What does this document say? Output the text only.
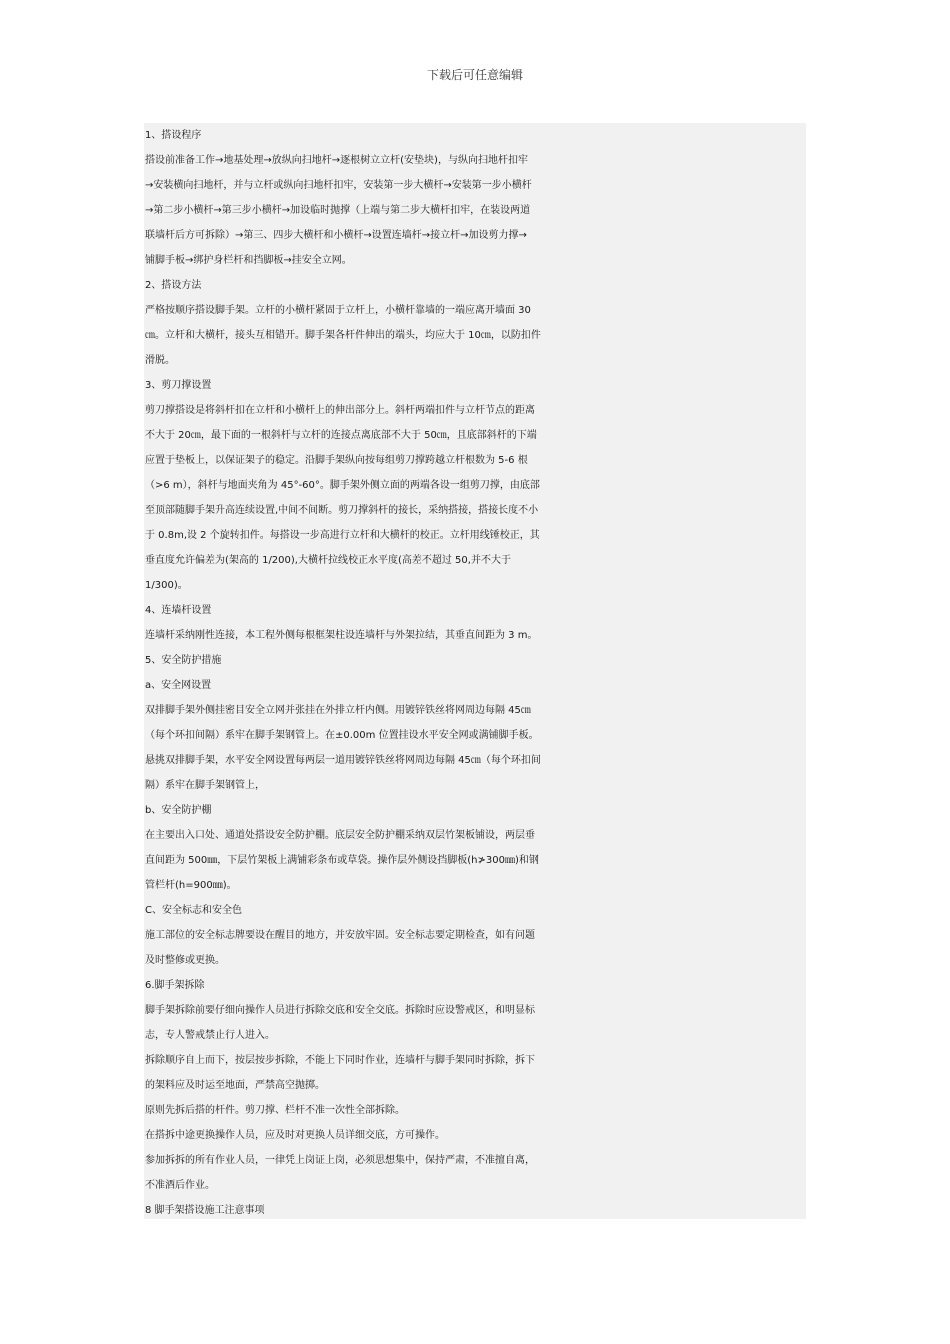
下载后可任意编辑
1、搭设程序
搭设前准备工作→地基处理→放纵向扫地杆→逐根树立立杆(安垫块)，与纵向扫地杆扣牢
→安装横向扫地杆，并与立杆或纵向扫地杆扣牢，安装第一步大横杆→安装第一步小横杆
→第二步小横杆→第三步小横杆→加设临时抛撑（上端与第二步大横杆扣牢，在装设两道
联墙杆后方可拆除）→第三、四步大横杆和小横杆→设置连墙杆→接立杆→加设剪力撑→
铺脚手板→绑护身栏杆和挡脚板→挂安全立网。
2、搭设方法
严格按顺序搭设脚手架。立杆的小横杆紧固于立杆上，小横杆靠墙的一端应离开墙面 30
㎝。立杆和大横杆，接头互相错开。脚手架各杆件伸出的端头，均应大于 10㎝，以防扣件
滑脱。
3、剪刀撑设置
剪刀撑搭设是将斜杆扣在立杆和小横杆上的伸出部分上。斜杆两端扣件与立杆节点的距离
不大于 20㎝，最下面的一根斜杆与立杆的连接点离底部不大于 50㎝，且底部斜杆的下端
应置于垫板上，以保证架子的稳定。沿脚手架纵向按每组剪刀撑跨越立杆根数为 5-6 根
（>6 m），斜杆与地面夹角为 45°-60°。脚手架外侧立面的两端各设一组剪刀撑，由底部
至顶部随脚手架升高连续设置,中间不间断。剪刀撑斜杆的接长，采纳搭接，搭接长度不小
于 0.8m,设 2 个旋转扣件。每搭设一步高进行立杆和大横杆的校正。立杆用线锤校正，其
垂直度允许偏差为(架高的 1/200),大横杆拉线校正水平度(高差不超过 50,并不大于
1/300)。
4、连墙杆设置
连墙杆采纳刚性连接，本工程外侧每根框架柱设连墙杆与外架拉结，其垂直间距为 3 m。
5、安全防护措施
a、安全网设置
双排脚手架外侧挂密目安全立网并张挂在外排立杆内侧。用镀锌铁丝将网周边每隔 45㎝
（每个环扣间隔）系牢在脚手架钢管上。在±0.00m 位置挂设水平安全网或满铺脚手板。
悬挑双排脚手架，水平安全网设置每两层一道用镀锌铁丝将网周边每隔 45㎝（每个环扣间
隔）系牢在脚手架钢管上，
b、安全防护棚
在主要出入口处、通道处搭设安全防护棚。底层安全防护棚采纳双层竹架板铺设，两层垂
直间距为 500㎜，下层竹架板上满铺彩条布或草袋。操作层外侧设挡脚板(h≯300㎜)和钢
管栏杆(h=900㎜)。
C、安全标志和安全色
施工部位的安全标志牌要设在醒目的地方，并安放牢固。安全标志要定期检查，如有问题
及时整修或更换。
6.脚手架拆除
脚手架拆除前要仔细向操作人员进行拆除交底和安全交底。拆除时应设警戒区，和明显标
志，专人警戒禁止行人进入。
拆除顺序自上而下，按层按步拆除，不能上下同时作业，连墙杆与脚手架同时拆除，拆下
的架料应及时运至地面，严禁高空抛掷。
原则先拆后搭的杆件。剪刀撑、栏杆不准一次性全部拆除。
在搭拆中途更换操作人员，应及时对更换人员详细交底，方可操作。
参加拆拆的所有作业人员，一律凭上岗证上岗，必须思想集中，保持严肃，不准擅自离，
不准酒后作业。
8 脚手架搭设施工注意事项
